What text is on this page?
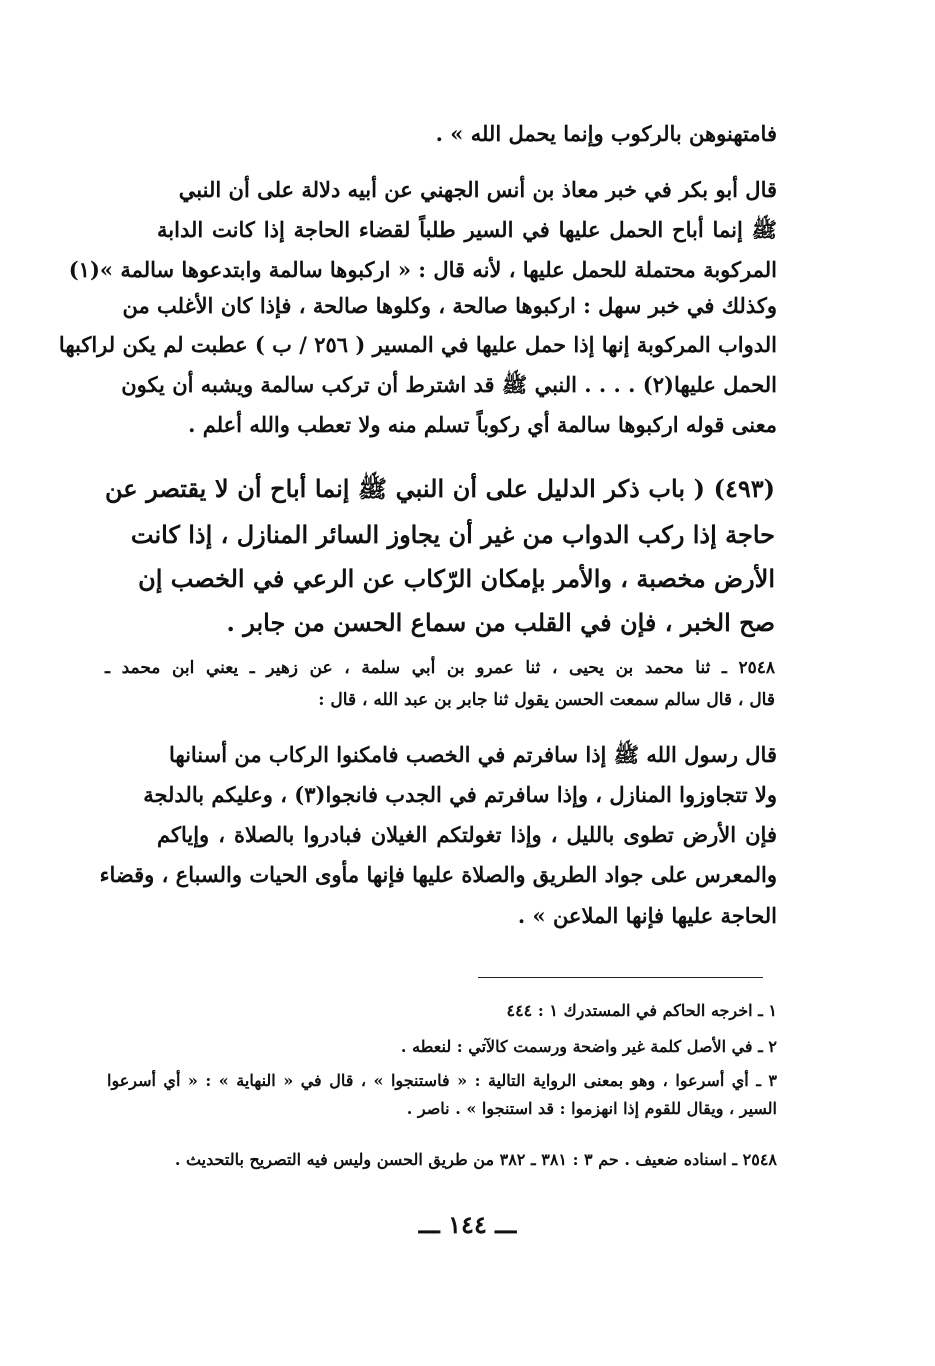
فامتهنوهن بالركوب وإنما يحمل الله » .
قال أبو بكر في خبر معاذ بن أنس الجهني عن أبيه دلالة على أن النبي
ﷺ إنما أباح الحمل عليها في السير طلباً لقضاء الحاجة إذا كانت الدابة
المركوبة محتملة للحمل عليها ، لأنه قال : « اركبوها سالمة وابتدعوها سالمة »(١)
وكذلك في خبر سهل : اركبوها صالحة ، وكلوها صالحة ، فإذا كان الأغلب من
الدواب المركوبة إنها إذا حمل عليها في المسير ( ٢٥٦ / ب ) عطبت لم يكن لراكبها
الحمل عليها(٢) . . . . النبي ﷺ قد اشترط أن تركب سالمة ويشبه أن يكون
معنى قوله اركبوها سالمة أي ركوباً تسلم منه ولا تعطب والله أعلم .
(٤٩٣) ( باب ذكر الدليل على أن النبي ﷺ إنما أباح أن لا يقتصر عن
حاجة إذا ركب الدواب من غير أن يجاوز السائر المنازل ، إذا كانت
الأرض مخصبة ، والأمر بإمكان الرّكاب عن الرعي في الخصب إن
صح الخبر ، فإن في القلب من سماع الحسن من جابر .
٢٥٤٨ ـ ثنا محمد بن يحيى ، ثنا عمرو بن أبي سلمة ، عن زهير ـ يعني ابن محمد ـ
قال ، قال سالم سمعت الحسن يقول ثنا جابر بن عبد الله ، قال :
قال رسول الله ﷺ إذا سافرتم في الخصب فامكنوا الركاب من أسنانها
ولا تتجاوزوا المنازل ، وإذا سافرتم في الجدب فانجوا(٣) ، وعليكم بالدلجة
فإن الأرض تطوى بالليل ، وإذا تغولتكم الغيلان فبادروا بالصلاة ، وإياكم
والمعرس على جواد الطريق والصلاة عليها فإنها مأوى الحيات والسباع ، وقضاء
الحاجة عليها فإنها الملاعن » .
١ ـ اخرجه الحاكم في المستدرك ١ : ٤٤٤
٢ ـ في الأصل كلمة غير واضحة ورسمت كالآتي : لنعطه .
٣ ـ أي أسرعوا ، وهو بمعنى الرواية التالية : « فاستنجوا » ، قال في « النهاية » : « أي أسرعوا
السير ، ويقال للقوم إذا انهزموا : قد استنجوا » . ناصر .
٢٥٤٨ ـ اسناده ضعيف . حم ٣ : ٣٨١ ـ ٣٨٢ من طريق الحسن وليس فيه التصريح بالتحديث .
ـــ ١٤٤ ـــ
